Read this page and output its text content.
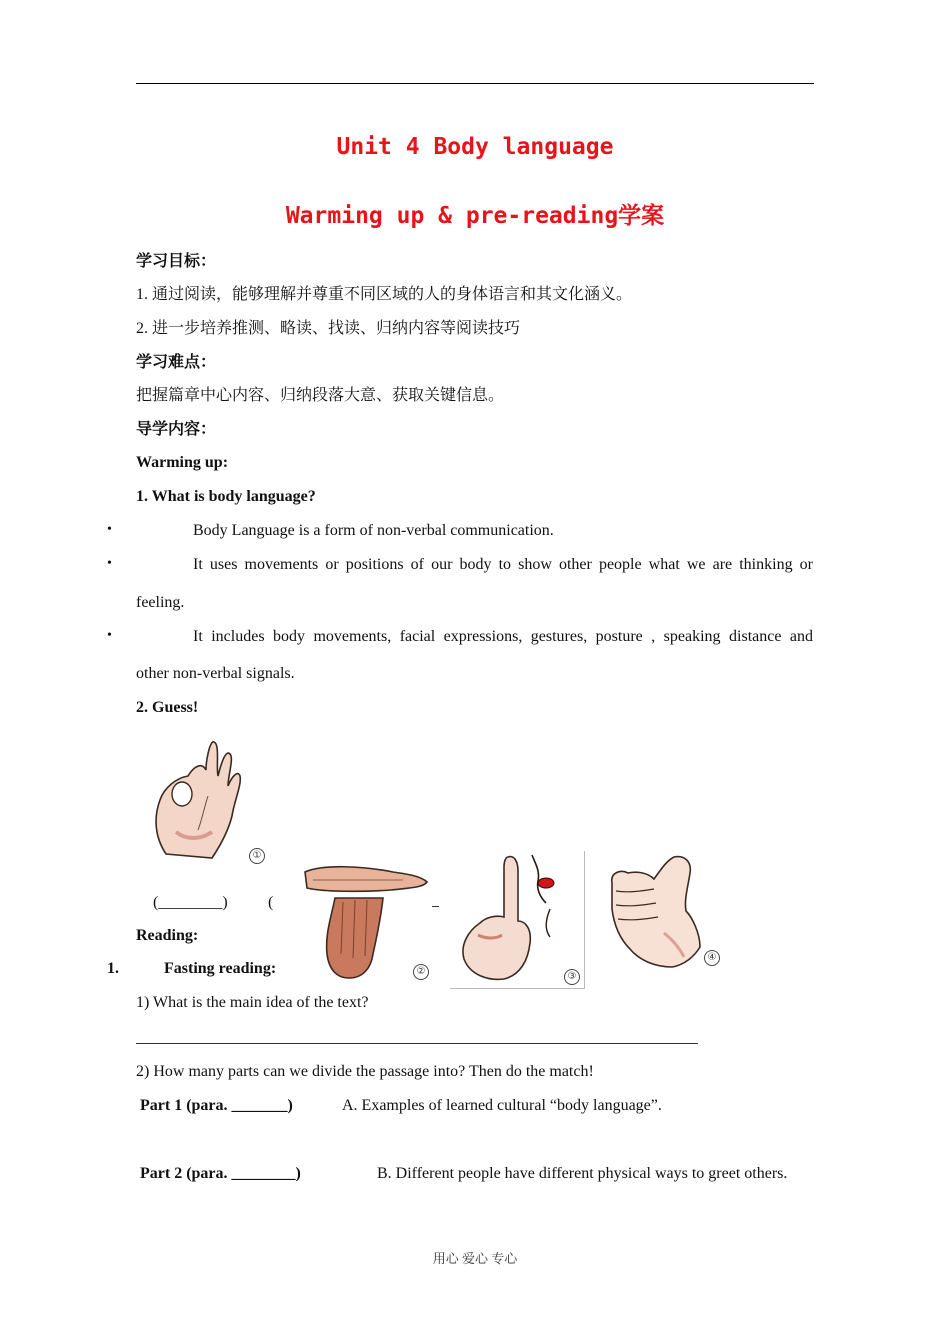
Unit 4 Body language
Warming up & pre-reading学案
学习目标：
1. 通过阅读，能够理解并尊重不同区域的人的身体语言和其文化涵义。
2. 进一步培养推测、略读、找读、归纳内容等阅读技巧
学习难点：
把握篇章中心内容、归纳段落大意、获取关键信息。
导学内容：
Warming up:
1. What is body language?
•	Body Language is a form of non-verbal communication.
•	It uses movements or positions of our body to show other people what we are thinking or
feeling.
•	It includes body movements, facial expressions, gestures, posture , speaking distance and
other non-verbal signals.
2. Guess!
①
②	③
④
(________)	(
Reading:
1.	Fasting reading:
1) What is the main idea of the text?
2) How many parts can we divide the passage into? Then do the match!
Part 1 (para. _______)	A. Examples of learned cultural “body language”.
Part 2 (para. ________)	B. Different people have different physical ways to greet others.
用心 爱心 专心
